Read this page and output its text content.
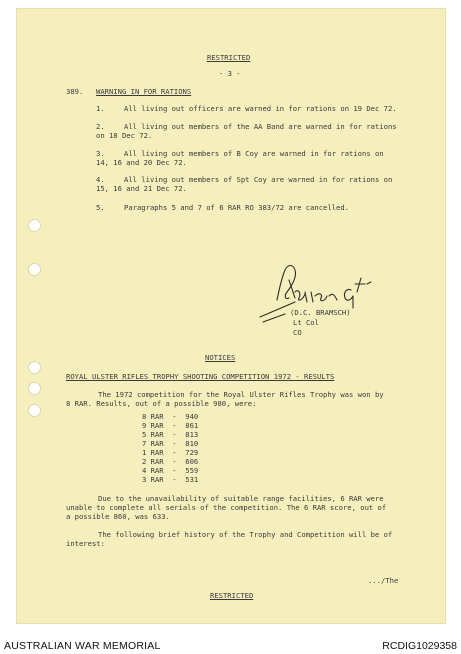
RESTRICTED
- 3 -
389. WARNING IN FOR RATIONS
1.	All living out officers are warned in for rations on 19 Dec 72.
2.	All living out members of the AA Band are warned in for rations
on 18 Dec 72.
3.	All living out members of B Coy are warned in for rations on
14, 16 and 20 Dec 72.
4.	All living out members of Spt Coy are warned in for rations on
15, 16 and 21 Dec 72.
5.	Paragraphs 5 and 7 of 6 RAR RO 383/72 are cancelled.
(D.C. BRAMSCH)
Lt Col
CO
NOTICES
ROYAL ULSTER RIFLES TROPHY SHOOTING COMPETITION 1972 - RESULTS
The 1972 competition for the Royal Ulster Rifles Trophy was won by
8 RAR. Results, out of a possible 980, were:
8 RAR  -  940
9 RAR  -  861
5 RAR  -  813
7 RAR  -  810
1 RAR  -  729
2 RAR  -  606
4 RAR  -  559
3 RAR  -  531
Due to the unavailability of suitable range facilities, 6 RAR were
unable to complete all serials of the competition. The 6 RAR score, out of
a possible 860, was 633.
The following brief history of the Trophy and Competition will be of
interest:
.../The
RESTRICTED
AUSTRALIAN WAR MEMORIAL	RCDIG1029358
